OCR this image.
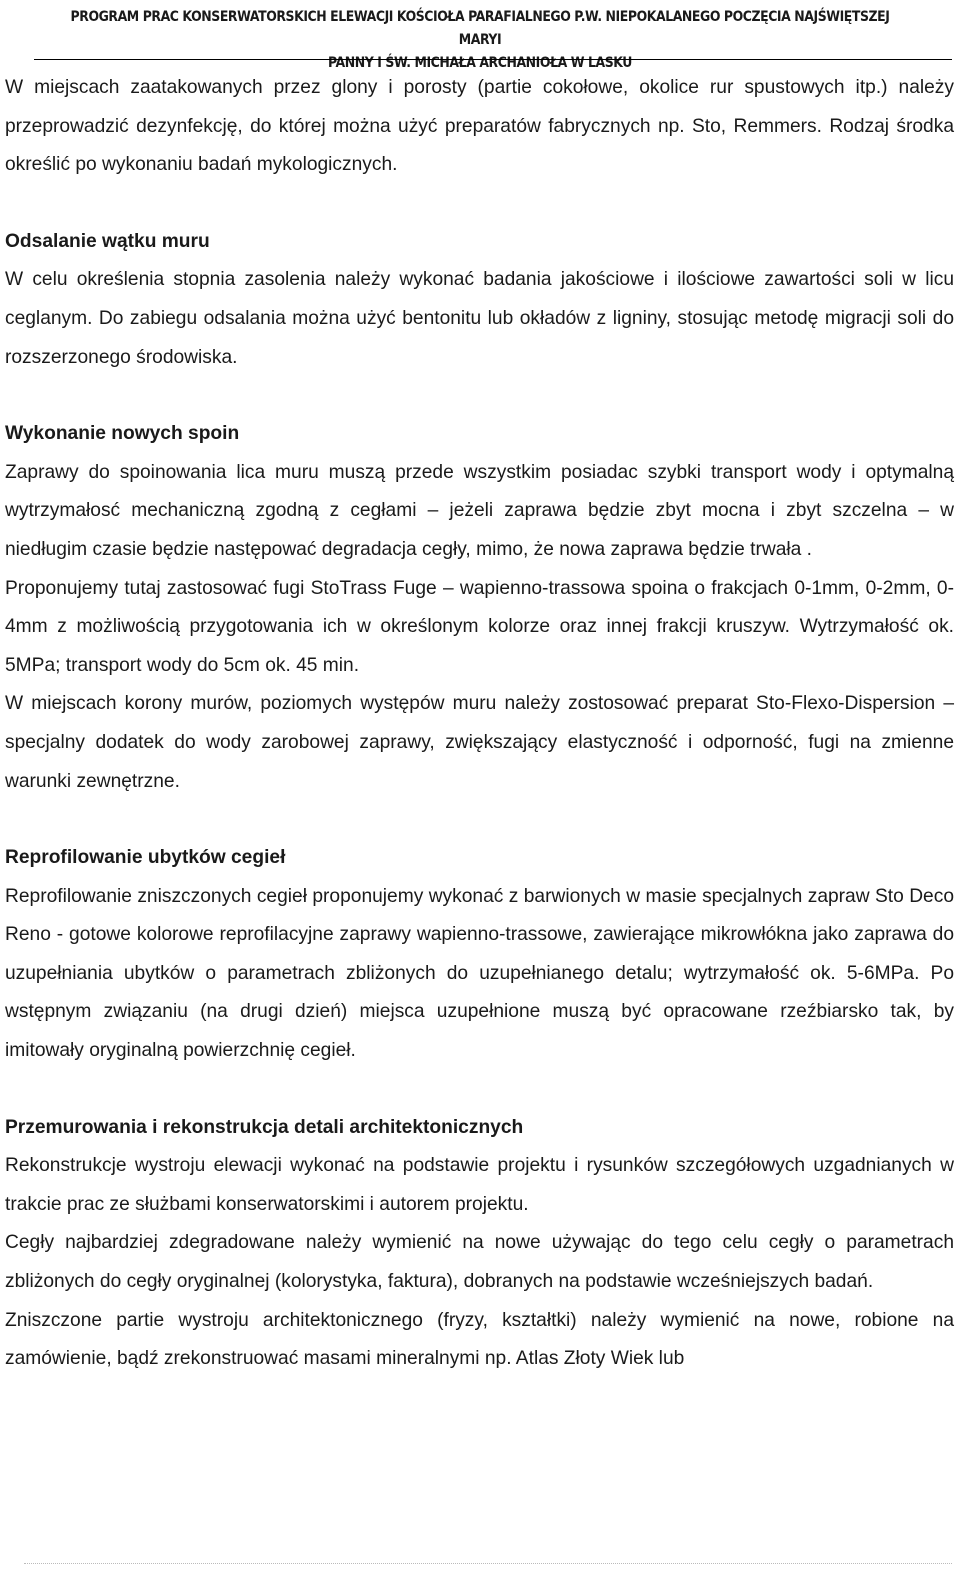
PROGRAM PRAC KONSERWATORSKICH ELEWACJI KOŚCIOŁA PARAFIALNEGO P.W. NIEPOKALANEGO POCZĘCIA NAJŚWIĘTSZEJ MARYI
PANNY I ŚW. MICHAŁA ARCHANIOŁA W LASKU

W miejscach zaatakowanych przez glony i porosty (partie cokołowe, okolice rur spustowych itp.) należy przeprowadzić dezynfekcję, do której można użyć preparatów fabrycznych np. Sto, Remmers. Rodzaj środka określić po wykonaniu badań mykologicznych.

Odsalanie wątku muru

W celu określenia stopnia zasolenia należy wykonać badania jakościowe i ilościowe zawartości soli w licu ceglanym. Do zabiegu odsalania można użyć bentonitu lub okładów z ligniny, stosując metodę migracji soli do rozszerzonego środowiska.

Wykonanie nowych spoin

Zaprawy do spoinowania lica muru muszą przede wszystkim posiadac szybki transport wody i optymalną wytrzymałosć mechaniczną zgodną z cegłami – jeżeli zaprawa będzie zbyt mocna i zbyt szczelna – w niedługim czasie będzie następować degradacja cegły, mimo, że nowa zaprawa będzie trwała .

Proponujemy tutaj zastosować fugi StoTrass Fuge – wapienno-trassowa spoina o frakcjach 0-1mm, 0-2mm, 0-4mm z możliwością przygotowania ich w określonym kolorze oraz innej frakcji kruszyw. Wytrzymałość ok. 5MPa; transport wody do 5cm ok. 45 min.

W miejscach korony murów, poziomych występów muru należy zostosować preparat Sto-Flexo-Dispersion – specjalny dodatek do wody zarobowej zaprawy, zwiększający elastyczność i odporność, fugi na zmienne warunki zewnętrzne.

Reprofilowanie ubytków cegieł

Reprofilowanie zniszczonych cegieł proponujemy wykonać z barwionych w masie specjalnych zapraw Sto Deco Reno - gotowe kolorowe reprofilacyjne zaprawy wapienno-trassowe, zawierające mikrowłókna jako zaprawa do uzupełniania ubytków o parametrach zbliżonych do uzupełnianego detalu; wytrzymałość ok. 5-6MPa. Po wstępnym związaniu (na drugi dzień) miejsca uzupełnione muszą być opracowane rzeźbiarsko tak, by imitowały oryginalną powierzchnię cegieł.

Przemurowania i rekonstrukcja detali architektonicznych

Rekonstrukcje wystroju elewacji wykonać na podstawie projektu i rysunków szczegółowych uzgadnianych w trakcie prac ze służbami konserwatorskimi i autorem projektu.

Cegły najbardziej zdegradowane należy wymienić na nowe używając do tego celu cegły o parametrach zbliżonych do cegły oryginalnej (kolorystyka, faktura), dobranych na podstawie wcześniejszych badań.

Zniszczone partie wystroju architektonicznego (fryzy, kształtki) należy wymienić na nowe, robione na zamówienie, bądź zrekonstruować masami mineralnymi np. Atlas Złoty Wiek lub
